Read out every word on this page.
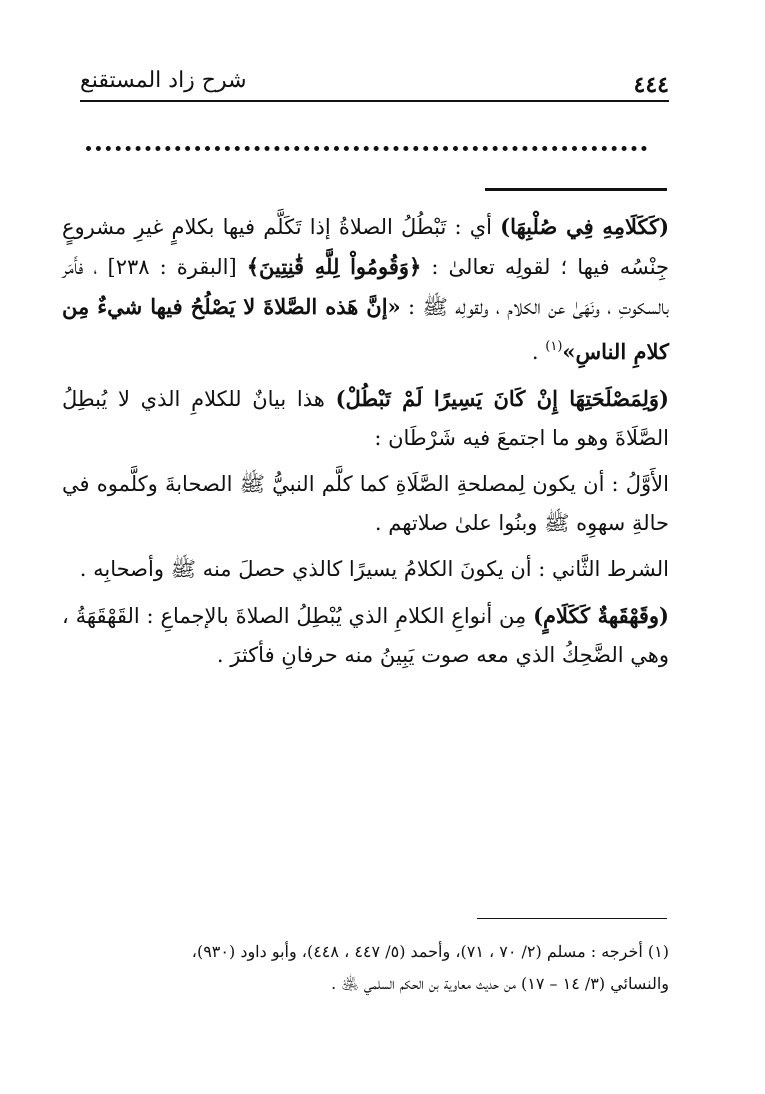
٤٤٤
شرح زاد المستقنع

(كَكَلَامِهِ فِي صُلْبِهَا) أي : تَبْطُلُ الصلاةُ إذا تَكَلَّم فيها بكلامٍ غيرِ مشروعٍ جِنْسُه فيها ؛ لقولِه تعالىٰ : ﴿وَقُومُواْ لِلَّهِ قَٰنِتِينَ﴾ [البقرة : ٢٣٨] ، فأَمَر بالسكوتِ ، ونَهَىٰ عن الكلام ، ولقولِه ﷺ : «إنَّ هَذه الصَّلاةَ لا يَصْلُحُ فيها شيءٌ مِن كلامِ الناسِ»$^{(١)}$ .

(وَلِمَصْلَحَتِهَا إِنْ كَانَ يَسِيرًا لَمْ تَبْطُلْ) هذا بيانٌ للكلامِ الذي لا يُبطِلُ الصَّلَاةَ وهو ما اجتمعَ فيه شَرْطَان :

الأَوَّلُ : أن يكون لِمصلحةِ الصَّلَاةِ كما كلَّم النبيُّ ﷺ الصحابةَ وكلَّموه في حالةِ سهوِه ﷺ وبنُوا علىٰ صلاتهم .

الشرط الثَّاني : أن يكونَ الكلامُ يسيرًا كالذي حصلَ منه ﷺ وأصحابِه .

(وقَهْقَهةٌ كَكَلَامٍ) مِن أنواعِ الكلامِ الذي يُبْطِلُ الصلاةَ بالإجماعِ : القَهْقَهَةُ ، وهي الضَّحِكُ الذي معه صوت يَبِينُ منه حرفانِ فأكثرَ .

(١) أخرجه : مسلم (٢/ ٧٠ ، ٧١)، وأحمد (٥/ ٤٤٧ ، ٤٤٨)، وأبو داود (٩٣٠)،
والنسائي (٣/ ١٤ – ١٧) من حديث معاوية بن الحكم السلمي ﵁ .
